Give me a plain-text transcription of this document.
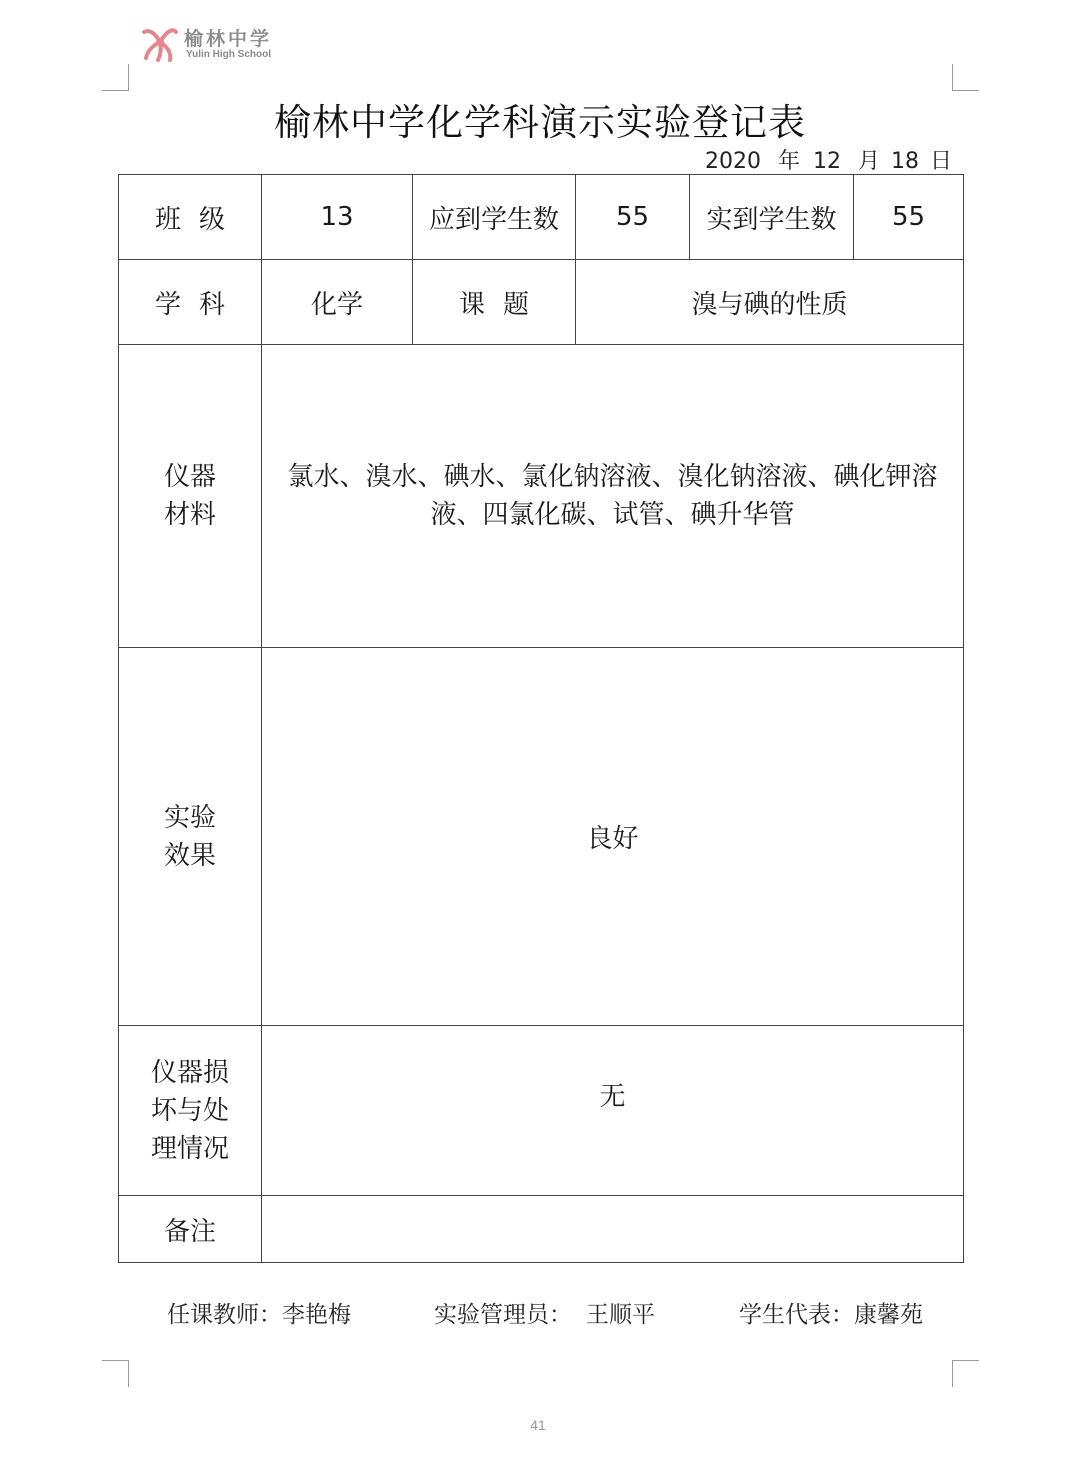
榆林中学
Yulin High School
榆林中学化学科演示实验登记表
2020 年 12 月 18 日
班级	13	应到学生数	55	实到学生数	55
学科	化学	课题	溴与碘的性质		
仪器材料	氯水、溴水、碘水、氯化钠溶液、溴化钠溶液、碘化钾溶液、四氯化碳、试管、碘升华管				

实验效果	良好				
仪器损坏与处理情况	无				
备注					
任课教师：李艳梅	实验管理员： 王顺平	学生代表：康馨苑
41
